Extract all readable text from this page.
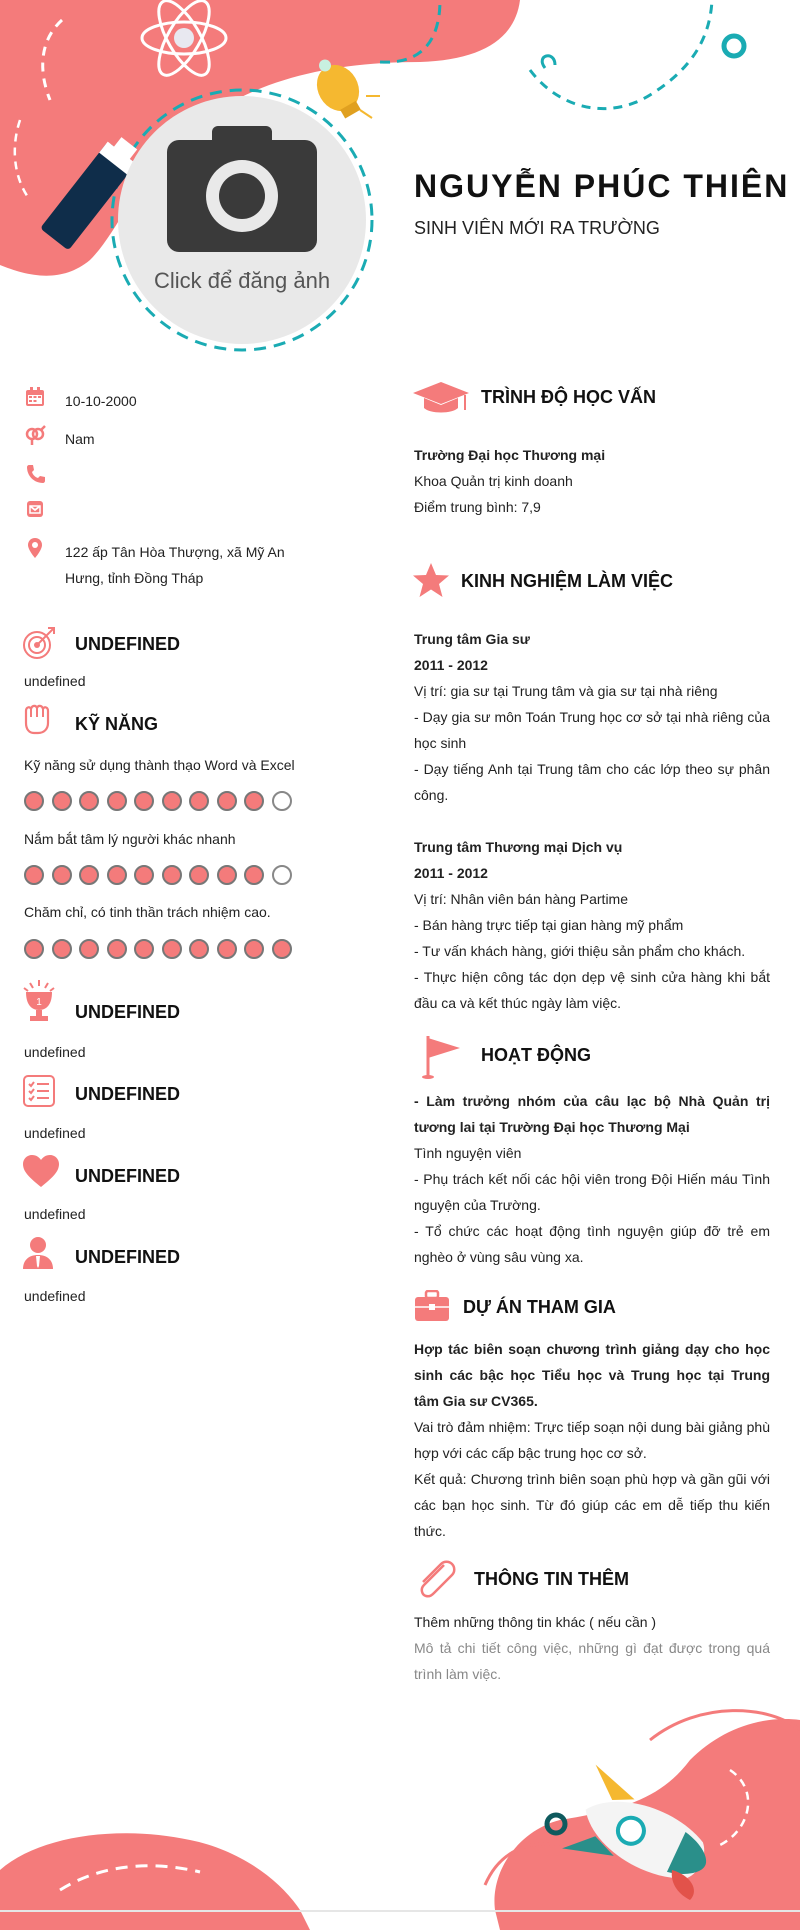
Click để đăng ảnh
NGUYỄN PHÚC THIÊN
SINH VIÊN MỚI RA TRƯỜNG
10-10-2000
Nam
122 ấp Tân Hòa Thượng, xã Mỹ An Hưng, tỉnh Đồng Tháp
UNDEFINED
undefined
KỸ NĂNG
Kỹ năng sử dụng thành thạo Word và Excel
Nắm bắt tâm lý người khác nhanh
Chăm chỉ, có tinh thần trách nhiệm cao.
1 UNDEFINED
undefined
UNDEFINED
undefined
UNDEFINED
undefined
UNDEFINED
undefined
TRÌNH ĐỘ HỌC VẤN
Trường Đại học Thương mại
Khoa Quản trị kinh doanh
Điểm trung bình: 7,9
KINH NGHIỆM LÀM VIỆC
Trung tâm Gia sư
2011 - 2012
Vị trí: gia sư tại Trung tâm và gia sư tại nhà riêng
- Dạy gia sư môn Toán Trung học cơ sở tại nhà riêng của học sinh
- Dạy tiếng Anh tại Trung tâm cho các lớp theo sự phân công.
Trung tâm Thương mại Dịch vụ
2011 - 2012
Vị trí: Nhân viên bán hàng Partime
- Bán hàng trực tiếp tại gian hàng mỹ phẩm
- Tư vấn khách hàng, giới thiệu sản phẩm cho khách.
- Thực hiện công tác dọn dẹp vệ sinh cửa hàng khi bắt đầu ca và kết thúc ngày làm việc.
HOẠT ĐỘNG
- Làm trưởng nhóm của câu lạc bộ Nhà Quản trị tương lai tại Trường Đại học Thương Mại
Tình nguyện viên
- Phụ trách kết nối các hội viên trong Đội Hiến máu Tình nguyện của Trường.
- Tổ chức các hoạt động tình nguyện giúp đỡ trẻ em nghèo ở vùng sâu vùng xa.
DỰ ÁN THAM GIA
Hợp tác biên soạn chương trình giảng dạy cho học sinh các bậc học Tiểu học và Trung học tại Trung tâm Gia sư CV365.
Vai trò đảm nhiệm: Trực tiếp soạn nội dung bài giảng phù hợp với các cấp bậc trung học cơ sở.
Kết quả: Chương trình biên soạn phù hợp và gần gũi với các bạn học sinh. Từ đó giúp các em dễ tiếp thu kiến thức.
THÔNG TIN THÊM
Thêm những thông tin khác ( nếu cần )
Mô tả chi tiết công việc, những gì đạt được trong quá trình làm việc.
